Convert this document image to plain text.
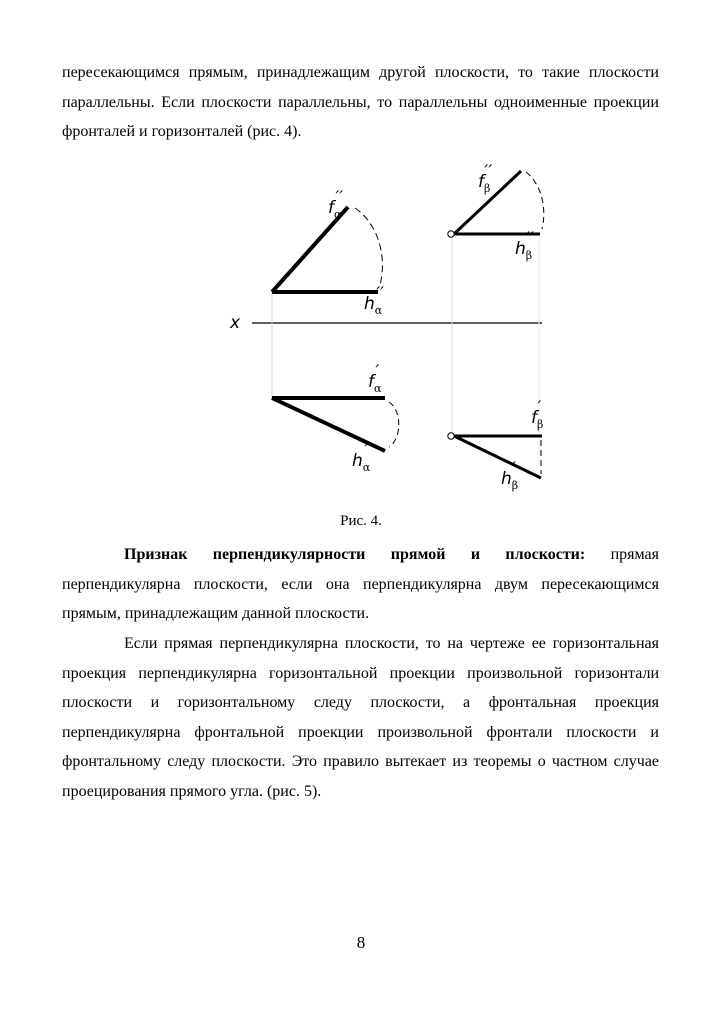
пересекающимся прямым, принадлежащим другой плоскости, то такие плоскости параллельны. Если плоскости параллельны, то параллельны одноименные проекции фронталей и горизонталей (рис. 4).

x
$f_\alpha''$
$h_\alpha''$
$f_\beta''$
$h_\beta''$
$f_\alpha'$
$h_\alpha'$
$f_\beta'$
$h_\beta'$
Рис. 4.

Признак перпендикулярности прямой и плоскости: прямая перпендикулярна плоскости, если она перпендикулярна двум пересекающимся прямым, принадлежащим данной плоскости.

Если прямая перпендикулярна плоскости, то на чертеже ее горизонтальная проекция перпендикулярна горизонтальной проекции произвольной горизонтали плоскости и горизонтальному следу плоскости, а фронтальная проекция перпендикулярна фронтальной проекции произвольной фронтали плоскости и фронтальному следу плоскости. Это правило вытекает из теоремы о частном случае проецирования прямого угла. (рис. 5).

8
